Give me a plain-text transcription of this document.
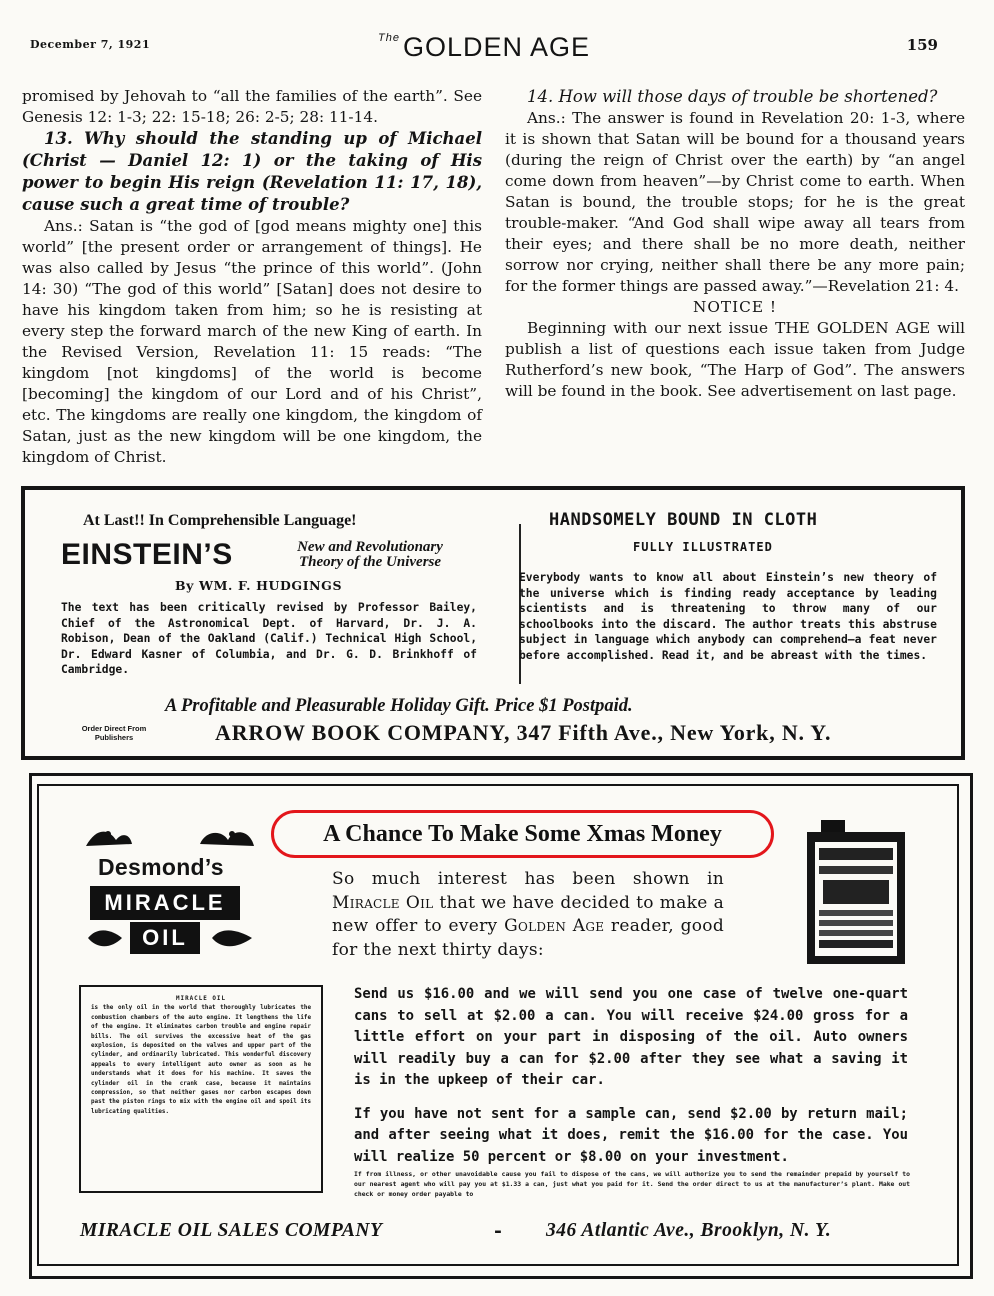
December 7, 1921	$^{The}$ GOLDEN AGE	159

promised by Jehovah to “all the families of the earth”. See Genesis 12: 1-3; 22: 15-18; 26: 2-5; 28: 11-14.

13. Why should the standing up of Michael (Christ — Daniel 12: 1) or the taking of His power to begin His reign (Revelation 11: 17, 18), cause such a great time of trouble?

Ans.: Satan is “the god of [god means mighty one] this world” [the present order or arrangement of things]. He was also called by Jesus “the prince of this world”. (John 14: 30) “The god of this world” [Satan] does not desire to have his kingdom taken from him; so he is resisting at every step the forward march of the new King of earth. In the Revised Version, Revelation 11: 15 reads: “The kingdom [not kingdoms] of the world is become [becoming] the kingdom of our Lord and of his Christ”, etc. The kingdoms are really one kingdom, the kingdom of Satan, just as the new kingdom will be one kingdom, the kingdom of Christ.

14. How will those days of trouble be shortened?

Ans.: The answer is found in Revelation 20: 1-3, where it is shown that Satan will be bound for a thousand years (during the reign of Christ over the earth) by “an angel come down from heaven”—by Christ come to earth. When Satan is bound, the trouble stops; for he is the great trouble-maker. “And God shall wipe away all tears from their eyes; and there shall be no more death, neither sorrow nor crying, neither shall there be any more pain; for the former things are passed away.”—Revelation 21: 4.

NOTICE !

Beginning with our next issue THE GOLDEN AGE will publish a list of questions each issue taken from Judge Rutherford’s new book, “The Harp of God”. The answers will be found in the book. See advertisement on last page.

At Last!! In Comprehensible Language!
EINSTEIN’S	New and Revolutionary
Theory of the Universe
By WM. F. HUDGINGS
The text has been critically revised by Professor Bailey, Chief of the Astronomical Dept. of Harvard, Dr. J. A. Robison, Dean of the Oakland (Calif.) Technical High School, Dr. Edward Kasner of Columbia, and Dr. G. D. Brinkhoff of Cambridge.
HANDSOMELY BOUND IN CLOTH
FULLY ILLUSTRATED
Everybody wants to know all about Einstein’s new theory of the universe which is finding ready acceptance by leading scientists and is threatening to throw many of our schoolbooks into the discard. The author treats this abstruse subject in language which anybody can comprehend—a feat never before accomplished. Read it, and be abreast with the times.
A Profitable and Pleasurable Holiday Gift. Price $1 Postpaid.
Order Direct From
Publishers	ARROW BOOK COMPANY, 347 Fifth Ave., New York, N. Y.
A Chance To Make Some Xmas Money
Desmond’s
MIRACLE
OIL
So much interest has been shown in Miracle Oil that we have decided to make a new offer to every Golden Age reader, good for the next thirty days:
MIRACLE OIL
is the only oil in the world that thoroughly lubricates the combustion chambers of the auto engine. It lengthens the life of the engine. It eliminates carbon trouble and engine repair bills. The oil survives the excessive heat of the gas explosion, is deposited on the valves and upper part of the cylinder, and ordinarily lubricated. This wonderful discovery appeals to every intelligent auto owner as soon as he understands what it does for his machine. It saves the cylinder oil in the crank case, because it maintains compression, so that neither gases nor carbon escapes down past the piston rings to mix with the engine oil and spoil its lubricating qualities.

Send us $16.00 and we will send you one case of twelve one-quart cans to sell at $2.00 a can. You will receive $24.00 gross for a little effort on your part in disposing of the oil. Auto owners will readily buy a can for $2.00 after they see what a saving it is in the upkeep of their car.

If you have not sent for a sample can, send $2.00 by return mail; and after seeing what it does, remit the $16.00 for the case. You will realize 50 percent or $8.00 on your investment.

If from illness, or other unavoidable cause you fail to dispose of the cans, we will authorize you to send the remainder prepaid by yourself to our nearest agent who will pay you at $1.33 a can, just what you paid for it. Send the order direct to us at the manufacturer’s plant. Make out check or money order payable to
MIRACLE OIL SALES COMPANY	- 346 Atlantic Ave., Brooklyn, N. Y.
